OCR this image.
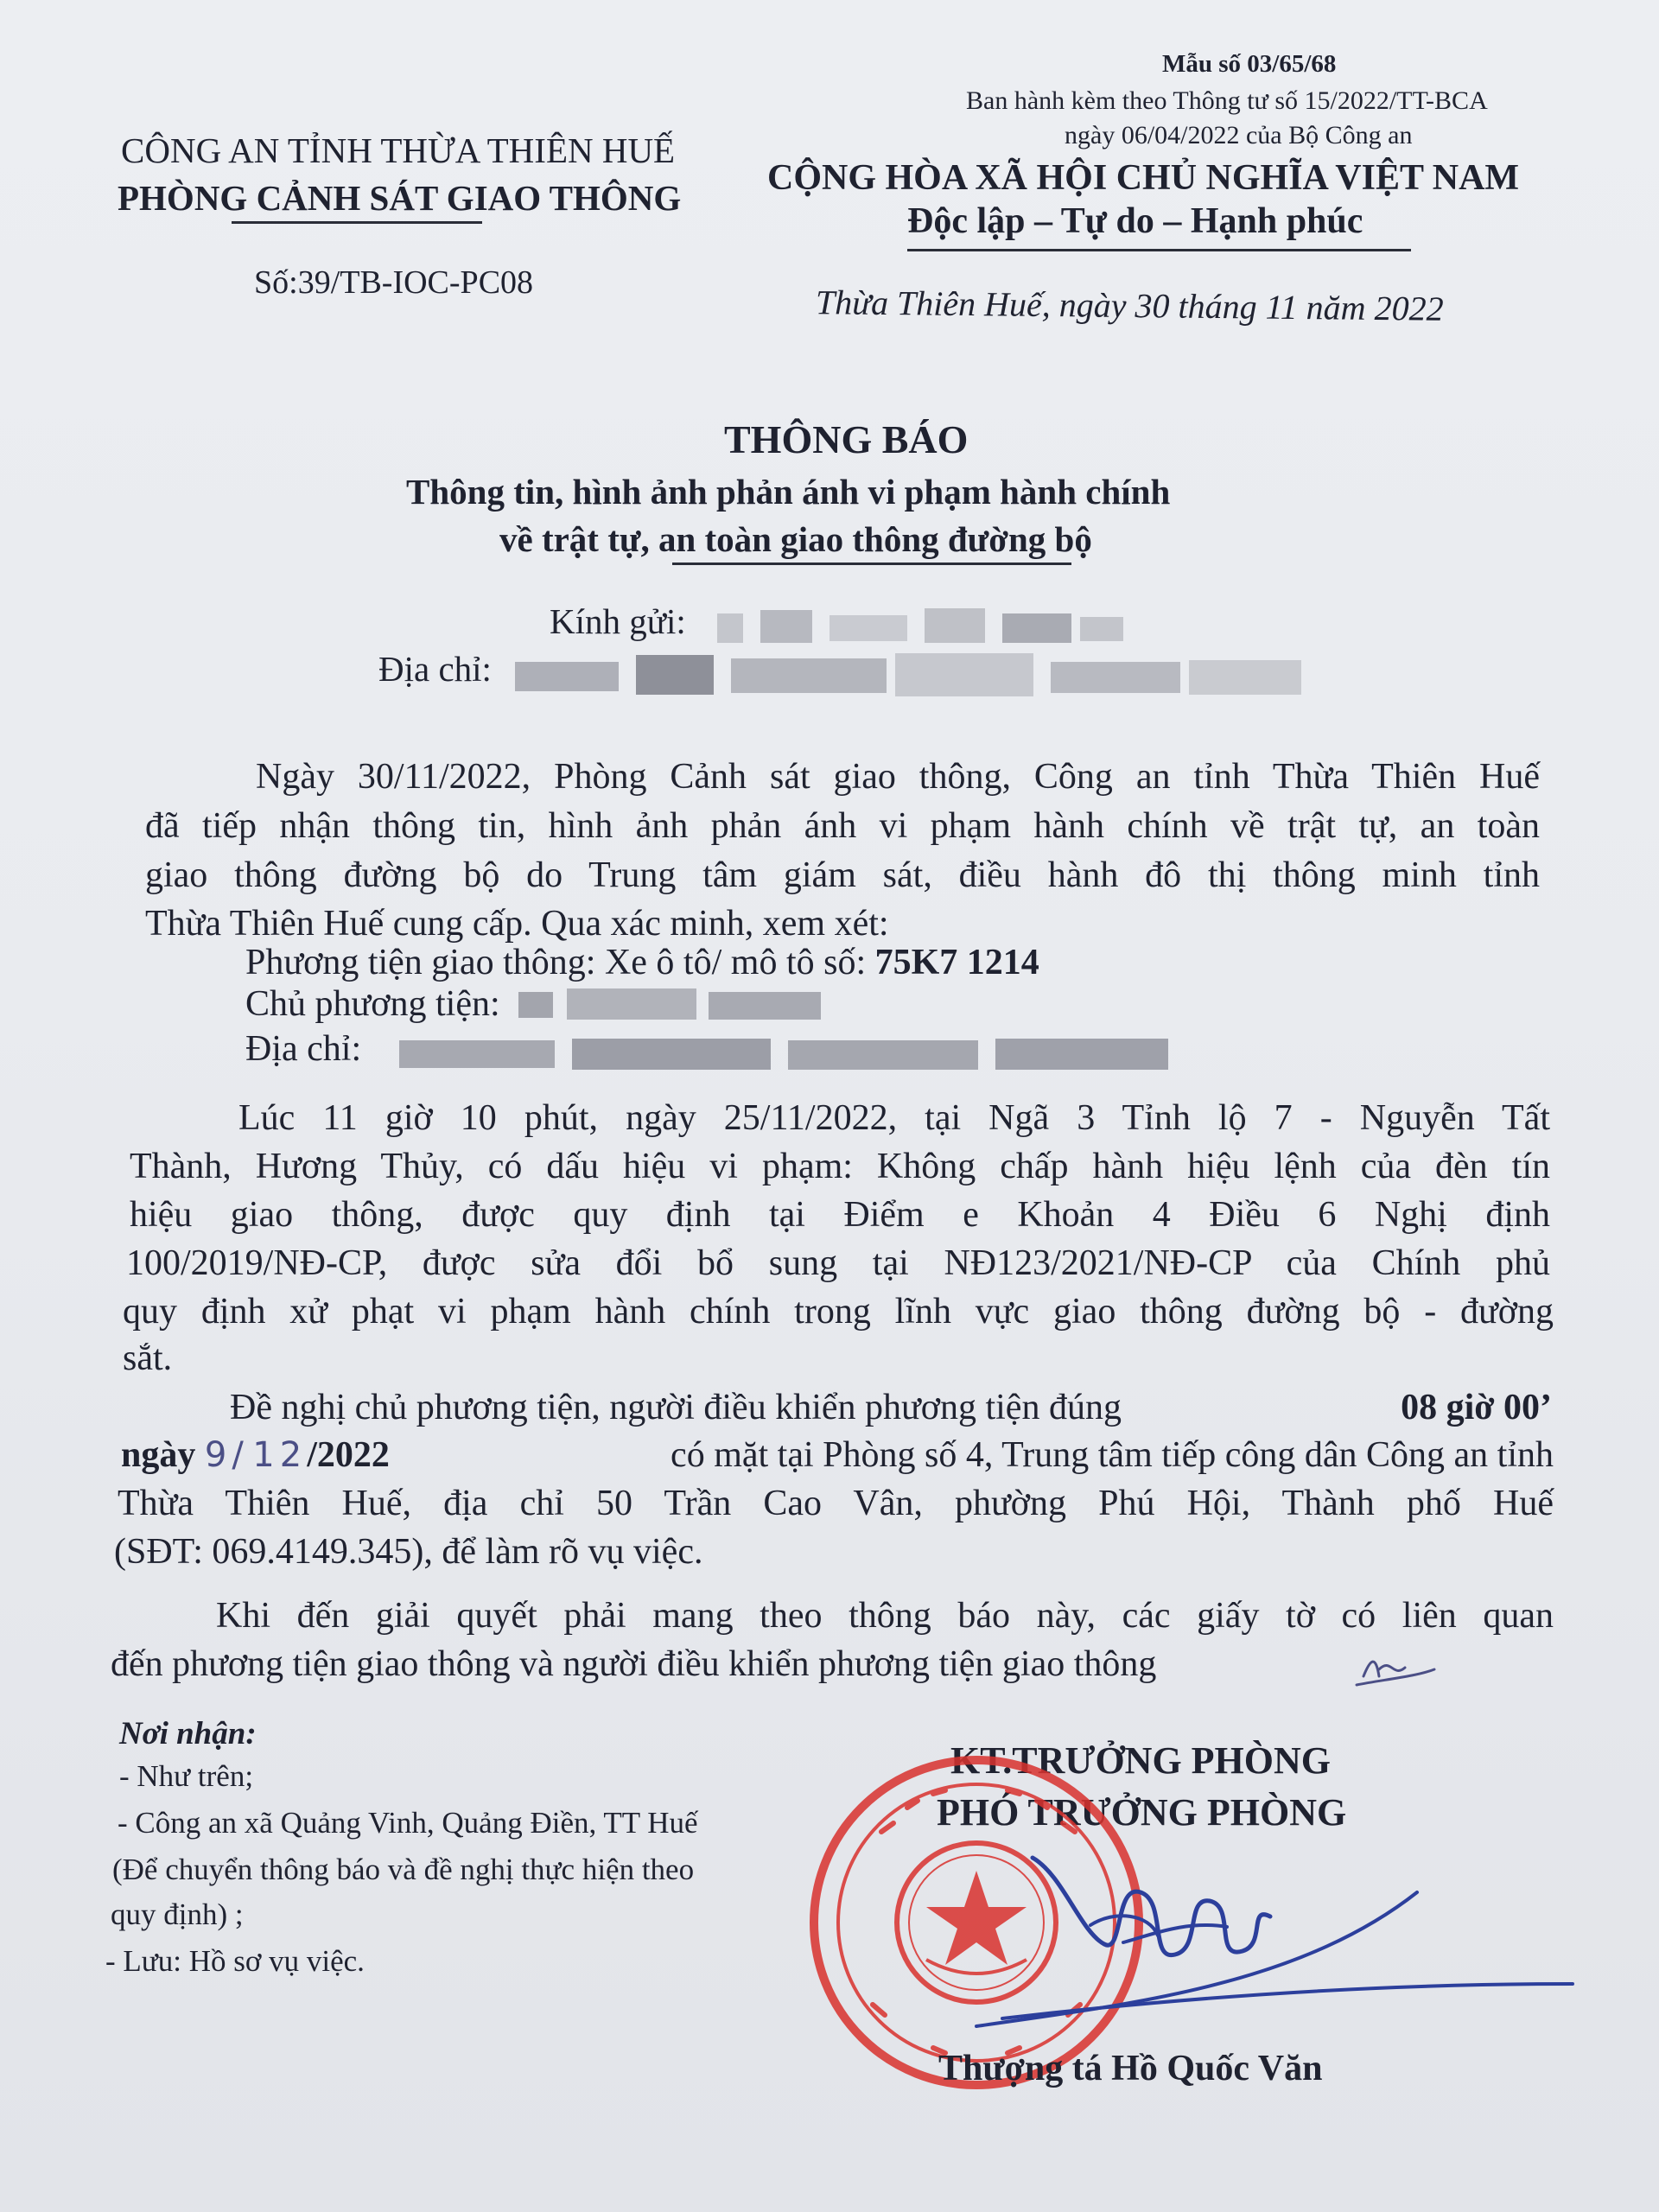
Mẫu số 03/65/68
Ban hành kèm theo Thông tư số 15/2022/TT-BCA
ngày 06/04/2022 của Bộ Công an
CÔNG AN TỈNH THỪA THIÊN HUẾ
PHÒNG CẢNH SÁT GIAO THÔNG CỘNG HÒA XÃ HỘI CHỦ NGHĨA VIỆT NAM
Độc lập – Tự do – Hạnh phúc
Số:39/TB-IOC-PC08
Thừa Thiên Huế, ngày 30 tháng 11 năm 2022
THÔNG BÁO
Thông tin, hình ảnh phản ánh vi phạm hành chính
về trật tự, an toàn giao thông đường bộ
Kính gửi:
Địa chỉ:
Ngày 30/11/2022, Phòng Cảnh sát giao thông, Công an tỉnh Thừa Thiên Huế
đã tiếp nhận thông tin, hình ảnh phản ánh vi phạm hành chính về trật tự, an toàn
giao thông đường bộ do Trung tâm giám sát, điều hành đô thị thông minh tỉnh
Thừa Thiên Huế cung cấp. Qua xác minh, xem xét:
Phương tiện giao thông: Xe ô tô/ mô tô số: 75K7 1214
Chủ phương tiện:
Địa chỉ:
Lúc 11 giờ 10 phút, ngày 25/11/2022, tại Ngã 3 Tỉnh lộ 7 - Nguyễn Tất
Thành, Hương Thủy, có dấu hiệu vi phạm: Không chấp hành hiệu lệnh của đèn tín
hiệu giao thông, được quy định tại Điểm e Khoản 4 Điều 6 Nghị định
100/2019/NĐ-CP, được sửa đổi bổ sung tại NĐ123/2021/NĐ-CP của Chính phủ
quy định xử phạt vi phạm hành chính trong lĩnh vực giao thông đường bộ - đường
sắt.
Đề nghị chủ phương tiện, người điều khiển phương tiện đúng	08 giờ 00’
ngày 9/ 12/2022	có mặt tại Phòng số 4, Trung tâm tiếp công dân Công an tỉnh
Thừa Thiên Huế, địa chỉ 50 Trần Cao Vân, phường Phú Hội, Thành phố Huế
(SĐT: 069.4149.345), để làm rõ vụ việc.
Khi đến giải quyết phải mang theo thông báo này, các giấy tờ có liên quan
đến phương tiện giao thông và người điều khiển phương tiện giao thông
Nơi nhận:
- Như trên;
- Công an xã Quảng Vinh, Quảng Điền, TT Huế
(Để chuyển thông báo và đề nghị thực hiện theo
quy định) ;
- Lưu: Hồ sơ vụ việc.
KT.TRƯỞNG PHÒNG
PHÓ TRƯỞNG PHÒNG
Thượng tá Hồ Quốc Văn
